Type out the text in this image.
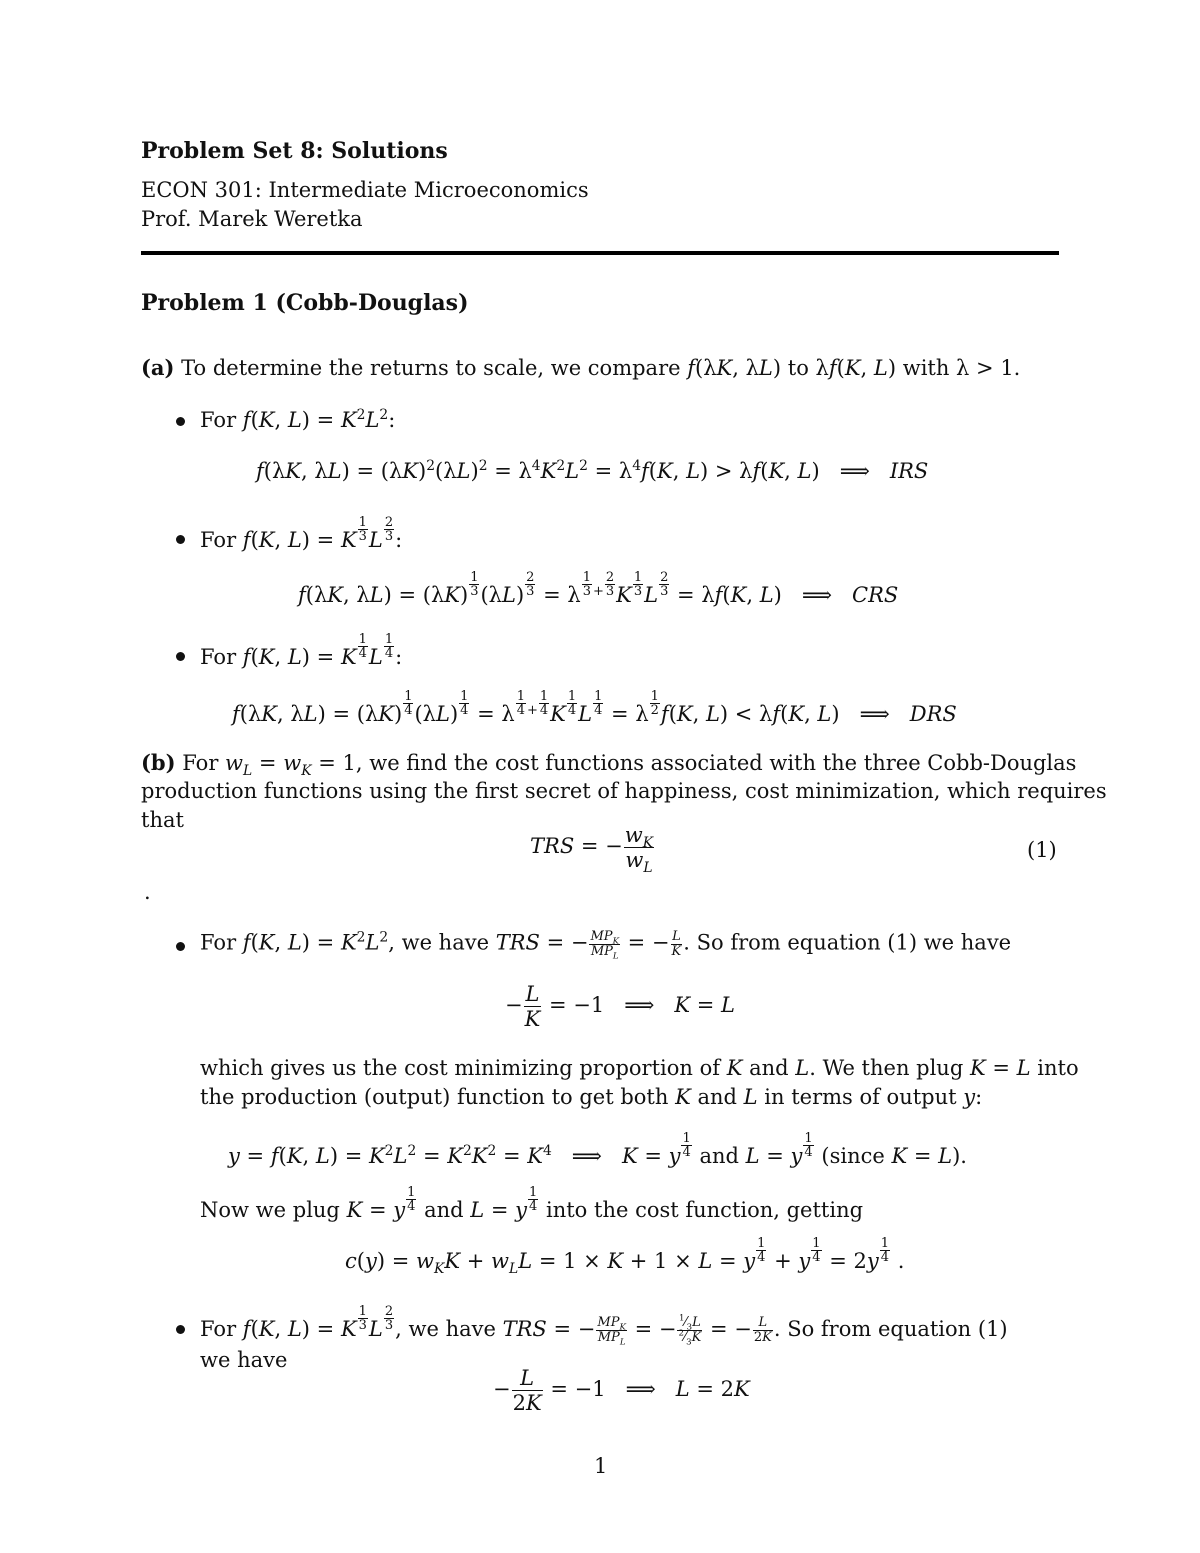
Problem Set 8: Solutions
ECON 301: Intermediate Microeconomics
Prof. Marek Weretka
Problem 1 (Cobb-Douglas)
(a) To determine the returns to scale, we compare f(λK, λL) to λf(K, L) with λ > 1.
For f(K, $L) = K^2L^2$:
f(λK, $\lambda L) = (\lambda K)^2(\lambda L)^2 = \lambda^4K^2L^2 = \lambda^4f(K$, L) > λf(K, L)   ⟹   IRS
For f(K, L) = K $\frac{1}{3}$ L $\frac{2}{3}$ :
f(λK, $\lambda L) = (\lambda K) \frac{1}{3} (\lambda L) \frac{2}{3} = \lambda \frac{1}{3} ^+ \frac{2}{3}$ K $\frac{1}{3}$ L $\frac{2}{3} = \lambda f(K$, L)   ⟹   CRS
For f(K, L) = K $\frac{1}{4}$ L $\frac{1}{4}$ :
f(λK, $\lambda L) = (\lambda K) \frac{1}{4} (\lambda L) \frac{1}{4} = \lambda \frac{1}{4} ^+ \frac{1}{4}$ K $\frac{1}{4}$ L $\frac{1}{4} = \lambda \frac{1}{2} f(K$, L) < λf(K, L)   ⟹   DRS
(b) For $w_L = w_K = 1$, we find the cost functions associated with the three Cobb-Douglas
production functions using the first secret of happiness, cost minimization, which requires
that
TRS = − $\frac{w_K}{w_L}$	(1)
.
For f(K, $L) = K^2L^2$, we have TRS = − $MP_K$
$MP_L$
= − $\frac{L}{K}$ . So from equation (1) we have
− $\frac{L}{K} = -1$   ⟹   K = L
which gives us the cost minimizing proportion of K and L. We then plug K = L into
the production (output) function to get both K and L in terms of output y:
y = f(K, $L) = K^2L^2 = K^2K^2 = K^4$   ⟹   K = y $\frac{1}{4}$ and L = y $\frac{1}{4}$ (since K = L).
Now we plug K = y $\frac{1}{4}$ and L = y $\frac{1}{4}$ into the cost function, getting
$c(y) = w_KK + w_LL = 1 \times K + 1 \times L = y \frac{1}{4} + y \frac{1}{4} = 2y \frac{1}{4}$ .
For f(K, L) = K $\frac{1}{3}$ L $\frac{2}{3}$ , we have TRS = − $MP_K$
$MP_L$
= − $\frac{^1⁄_3L}{^2⁄_3K}$ = − $\frac{L}{2K}$ . So from equation (1)
we have
− $\frac{L}{2K} = -1$   ⟹   L = 2K
1
